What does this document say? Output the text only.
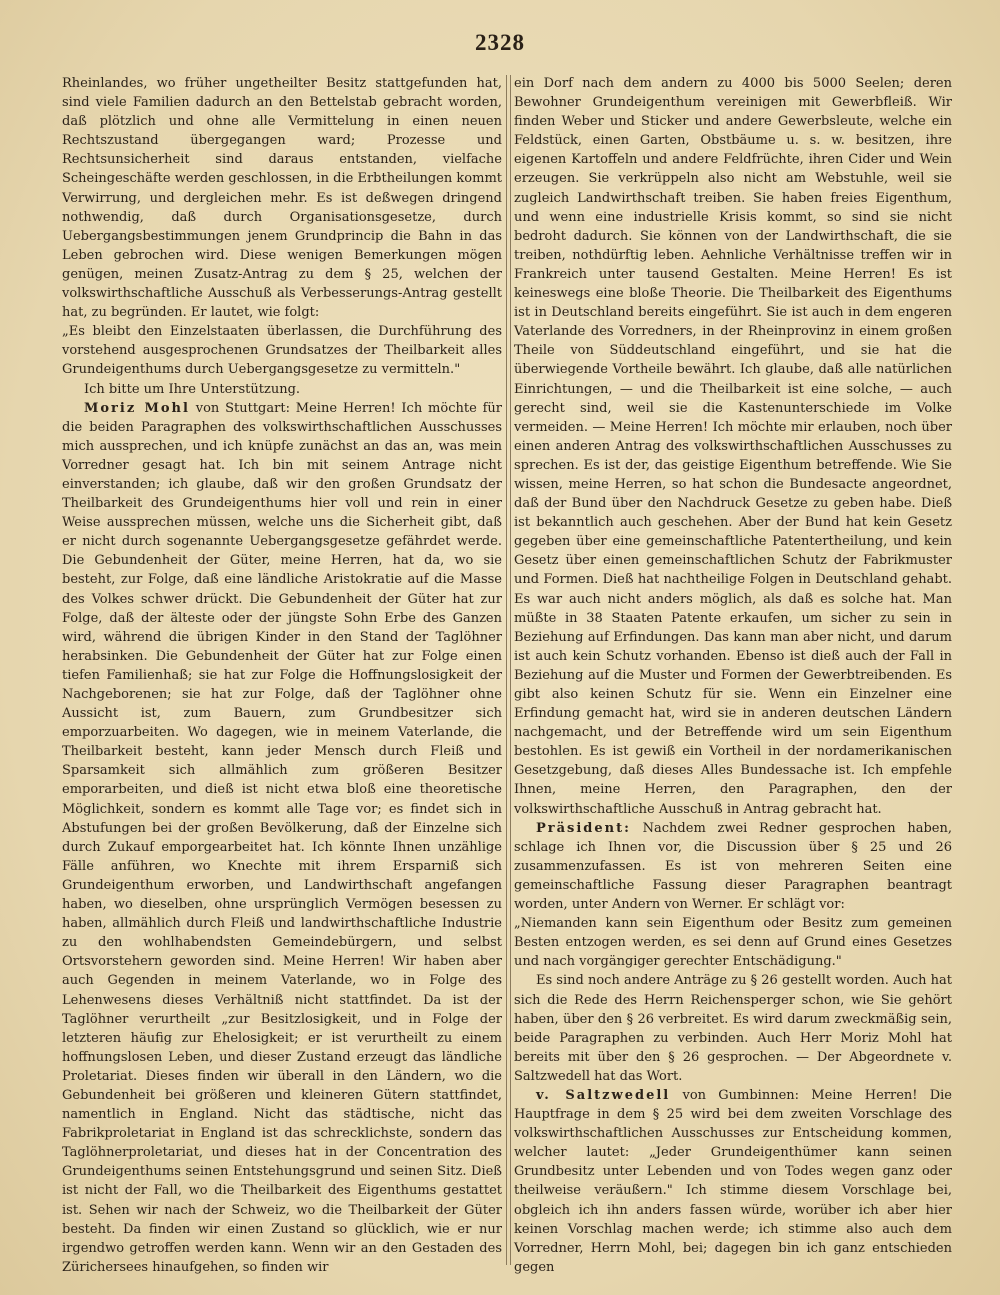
2328

Rheinlandes, wo früher ungetheilter Besitz stattgefunden hat, sind viele Familien dadurch an den Bettelstab gebracht worden, daß plötzlich und ohne alle Vermittelung in einen neuen Rechtszustand übergegangen ward; Prozesse und Rechtsunsicherheit sind daraus entstanden, vielfache Scheingeschäfte werden geschlossen, in die Erbtheilungen kommt Verwirrung, und dergleichen mehr. Es ist deßwegen dringend nothwendig, daß durch Organisationsgesetze, durch Uebergangsbestimmungen jenem Grundprincip die Bahn in das Leben gebrochen wird. Diese wenigen Bemerkungen mögen genügen, meinen Zusatz-Antrag zu dem § 25, welchen der volkswirthschaftliche Ausschuß als Verbesserungs-Antrag gestellt hat, zu begründen. Er lautet, wie folgt:

„Es bleibt den Einzelstaaten überlassen, die Durchführung des vorstehend ausgesprochenen Grundsatzes der Theilbarkeit alles Grundeigenthums durch Uebergangsgesetze zu vermitteln."

Ich bitte um Ihre Unterstützung.

Moriz Mohl von Stuttgart: Meine Herren! Ich möchte für die beiden Paragraphen des volkswirthschaftlichen Ausschusses mich aussprechen, und ich knüpfe zunächst an das an, was mein Vorredner gesagt hat. Ich bin mit seinem Antrage nicht einverstanden; ich glaube, daß wir den großen Grundsatz der Theilbarkeit des Grundeigenthums hier voll und rein in einer Weise aussprechen müssen, welche uns die Sicherheit gibt, daß er nicht durch sogenannte Uebergangsgesetze gefährdet werde. Die Gebundenheit der Güter, meine Herren, hat da, wo sie besteht, zur Folge, daß eine ländliche Aristokratie auf die Masse des Volkes schwer drückt. Die Gebundenheit der Güter hat zur Folge, daß der älteste oder der jüngste Sohn Erbe des Ganzen wird, während die übrigen Kinder in den Stand der Taglöhner herabsinken. Die Gebundenheit der Güter hat zur Folge einen tiefen Familienhaß; sie hat zur Folge die Hoffnungslosigkeit der Nachgeborenen; sie hat zur Folge, daß der Taglöhner ohne Aussicht ist, zum Bauern, zum Grundbesitzer sich emporzuarbeiten. Wo dagegen, wie in meinem Vaterlande, die Theilbarkeit besteht, kann jeder Mensch durch Fleiß und Sparsamkeit sich allmählich zum größeren Besitzer emporarbeiten, und dieß ist nicht etwa bloß eine theoretische Möglichkeit, sondern es kommt alle Tage vor; es findet sich in Abstufungen bei der großen Bevölkerung, daß der Einzelne sich durch Zukauf emporgearbeitet hat. Ich könnte Ihnen unzählige Fälle anführen, wo Knechte mit ihrem Ersparniß sich Grundeigenthum erworben, und Landwirthschaft angefangen haben, wo dieselben, ohne ursprünglich Vermögen besessen zu haben, allmählich durch Fleiß und landwirthschaftliche Industrie zu den wohlhabendsten Gemeindebürgern, und selbst Ortsvorstehern geworden sind. Meine Herren! Wir haben aber auch Gegenden in meinem Vaterlande, wo in Folge des Lehenwesens dieses Verhältniß nicht stattfindet. Da ist der Taglöhner verurtheilt „zur Besitzlosigkeit, und in Folge der letzteren häufig zur Ehelosigkeit; er ist verurtheilt zu einem hoffnungslosen Leben, und dieser Zustand erzeugt das ländliche Proletariat. Dieses finden wir überall in den Ländern, wo die Gebundenheit bei größeren und kleineren Gütern stattfindet, namentlich in England. Nicht das städtische, nicht das Fabrikproletariat in England ist das schrecklichste, sondern das Taglöhnerproletariat, und dieses hat in der Concentration des Grundeigenthums seinen Entstehungsgrund und seinen Sitz. Dieß ist nicht der Fall, wo die Theilbarkeit des Eigenthums gestattet ist. Sehen wir nach der Schweiz, wo die Theilbarkeit der Güter besteht. Da finden wir einen Zustand so glücklich, wie er nur irgendwo getroffen werden kann. Wenn wir an den Gestaden des Zürichersees hinaufgehen, so finden wir

ein Dorf nach dem andern zu 4000 bis 5000 Seelen; deren Bewohner Grundeigenthum vereinigen mit Gewerbfleiß. Wir finden Weber und Sticker und andere Gewerbsleute, welche ein Feldstück, einen Garten, Obstbäume u. s. w. besitzen, ihre eigenen Kartoffeln und andere Feldfrüchte, ihren Cider und Wein erzeugen. Sie verkrüppeln also nicht am Webstuhle, weil sie zugleich Landwirthschaft treiben. Sie haben freies Eigenthum, und wenn eine industrielle Krisis kommt, so sind sie nicht bedroht dadurch. Sie können von der Landwirthschaft, die sie treiben, nothdürftig leben. Aehnliche Verhältnisse treffen wir in Frankreich unter tausend Gestalten. Meine Herren! Es ist keineswegs eine bloße Theorie. Die Theilbarkeit des Eigenthums ist in Deutschland bereits eingeführt. Sie ist auch in dem engeren Vaterlande des Vorredners, in der Rheinprovinz in einem großen Theile von Süddeutschland eingeführt, und sie hat die überwiegende Vortheile bewährt. Ich glaube, daß alle natürlichen Einrichtungen, — und die Theilbarkeit ist eine solche, — auch gerecht sind, weil sie die Kastenunterschiede im Volke vermeiden. — Meine Herren! Ich möchte mir erlauben, noch über einen anderen Antrag des volkswirthschaftlichen Ausschusses zu sprechen. Es ist der, das geistige Eigenthum betreffende. Wie Sie wissen, meine Herren, so hat schon die Bundesacte angeordnet, daß der Bund über den Nachdruck Gesetze zu geben habe. Dieß ist bekanntlich auch geschehen. Aber der Bund hat kein Gesetz gegeben über eine gemeinschaftliche Patentertheilung, und kein Gesetz über einen gemeinschaftlichen Schutz der Fabrikmuster und Formen. Dieß hat nachtheilige Folgen in Deutschland gehabt. Es war auch nicht anders möglich, als daß es solche hat. Man müßte in 38 Staaten Patente erkaufen, um sicher zu sein in Beziehung auf Erfindungen. Das kann man aber nicht, und darum ist auch kein Schutz vorhanden. Ebenso ist dieß auch der Fall in Beziehung auf die Muster und Formen der Gewerbtreibenden. Es gibt also keinen Schutz für sie. Wenn ein Einzelner eine Erfindung gemacht hat, wird sie in anderen deutschen Ländern nachgemacht, und der Betreffende wird um sein Eigenthum bestohlen. Es ist gewiß ein Vortheil in der nordamerikanischen Gesetzgebung, daß dieses Alles Bundessache ist. Ich empfehle Ihnen, meine Herren, den Paragraphen, den der volkswirthschaftliche Ausschuß in Antrag gebracht hat.

Präsident: Nachdem zwei Redner gesprochen haben, schlage ich Ihnen vor, die Discussion über § 25 und 26 zusammenzufassen. Es ist von mehreren Seiten eine gemeinschaftliche Fassung dieser Paragraphen beantragt worden, unter Andern von Werner. Er schlägt vor:

„Niemanden kann sein Eigenthum oder Besitz zum gemeinen Besten entzogen werden, es sei denn auf Grund eines Gesetzes und nach vorgängiger gerechter Entschädigung."

Es sind noch andere Anträge zu § 26 gestellt worden. Auch hat sich die Rede des Herrn Reichensperger schon, wie Sie gehört haben, über den § 26 verbreitet. Es wird darum zweckmäßig sein, beide Paragraphen zu verbinden. Auch Herr Moriz Mohl hat bereits mit über den § 26 gesprochen. — Der Abgeordnete v. Saltzwedell hat das Wort.

v. Saltzwedell von Gumbinnen: Meine Herren! Die Hauptfrage in dem § 25 wird bei dem zweiten Vorschlage des volkswirthschaftlichen Ausschusses zur Entscheidung kommen, welcher lautet: „Jeder Grundeigenthümer kann seinen Grundbesitz unter Lebenden und von Todes wegen ganz oder theilweise veräußern." Ich stimme diesem Vorschlage bei, obgleich ich ihn anders fassen würde, worüber ich aber hier keinen Vorschlag machen werde; ich stimme also auch dem Vorredner, Herrn Mohl, bei; dagegen bin ich ganz entschieden gegen
